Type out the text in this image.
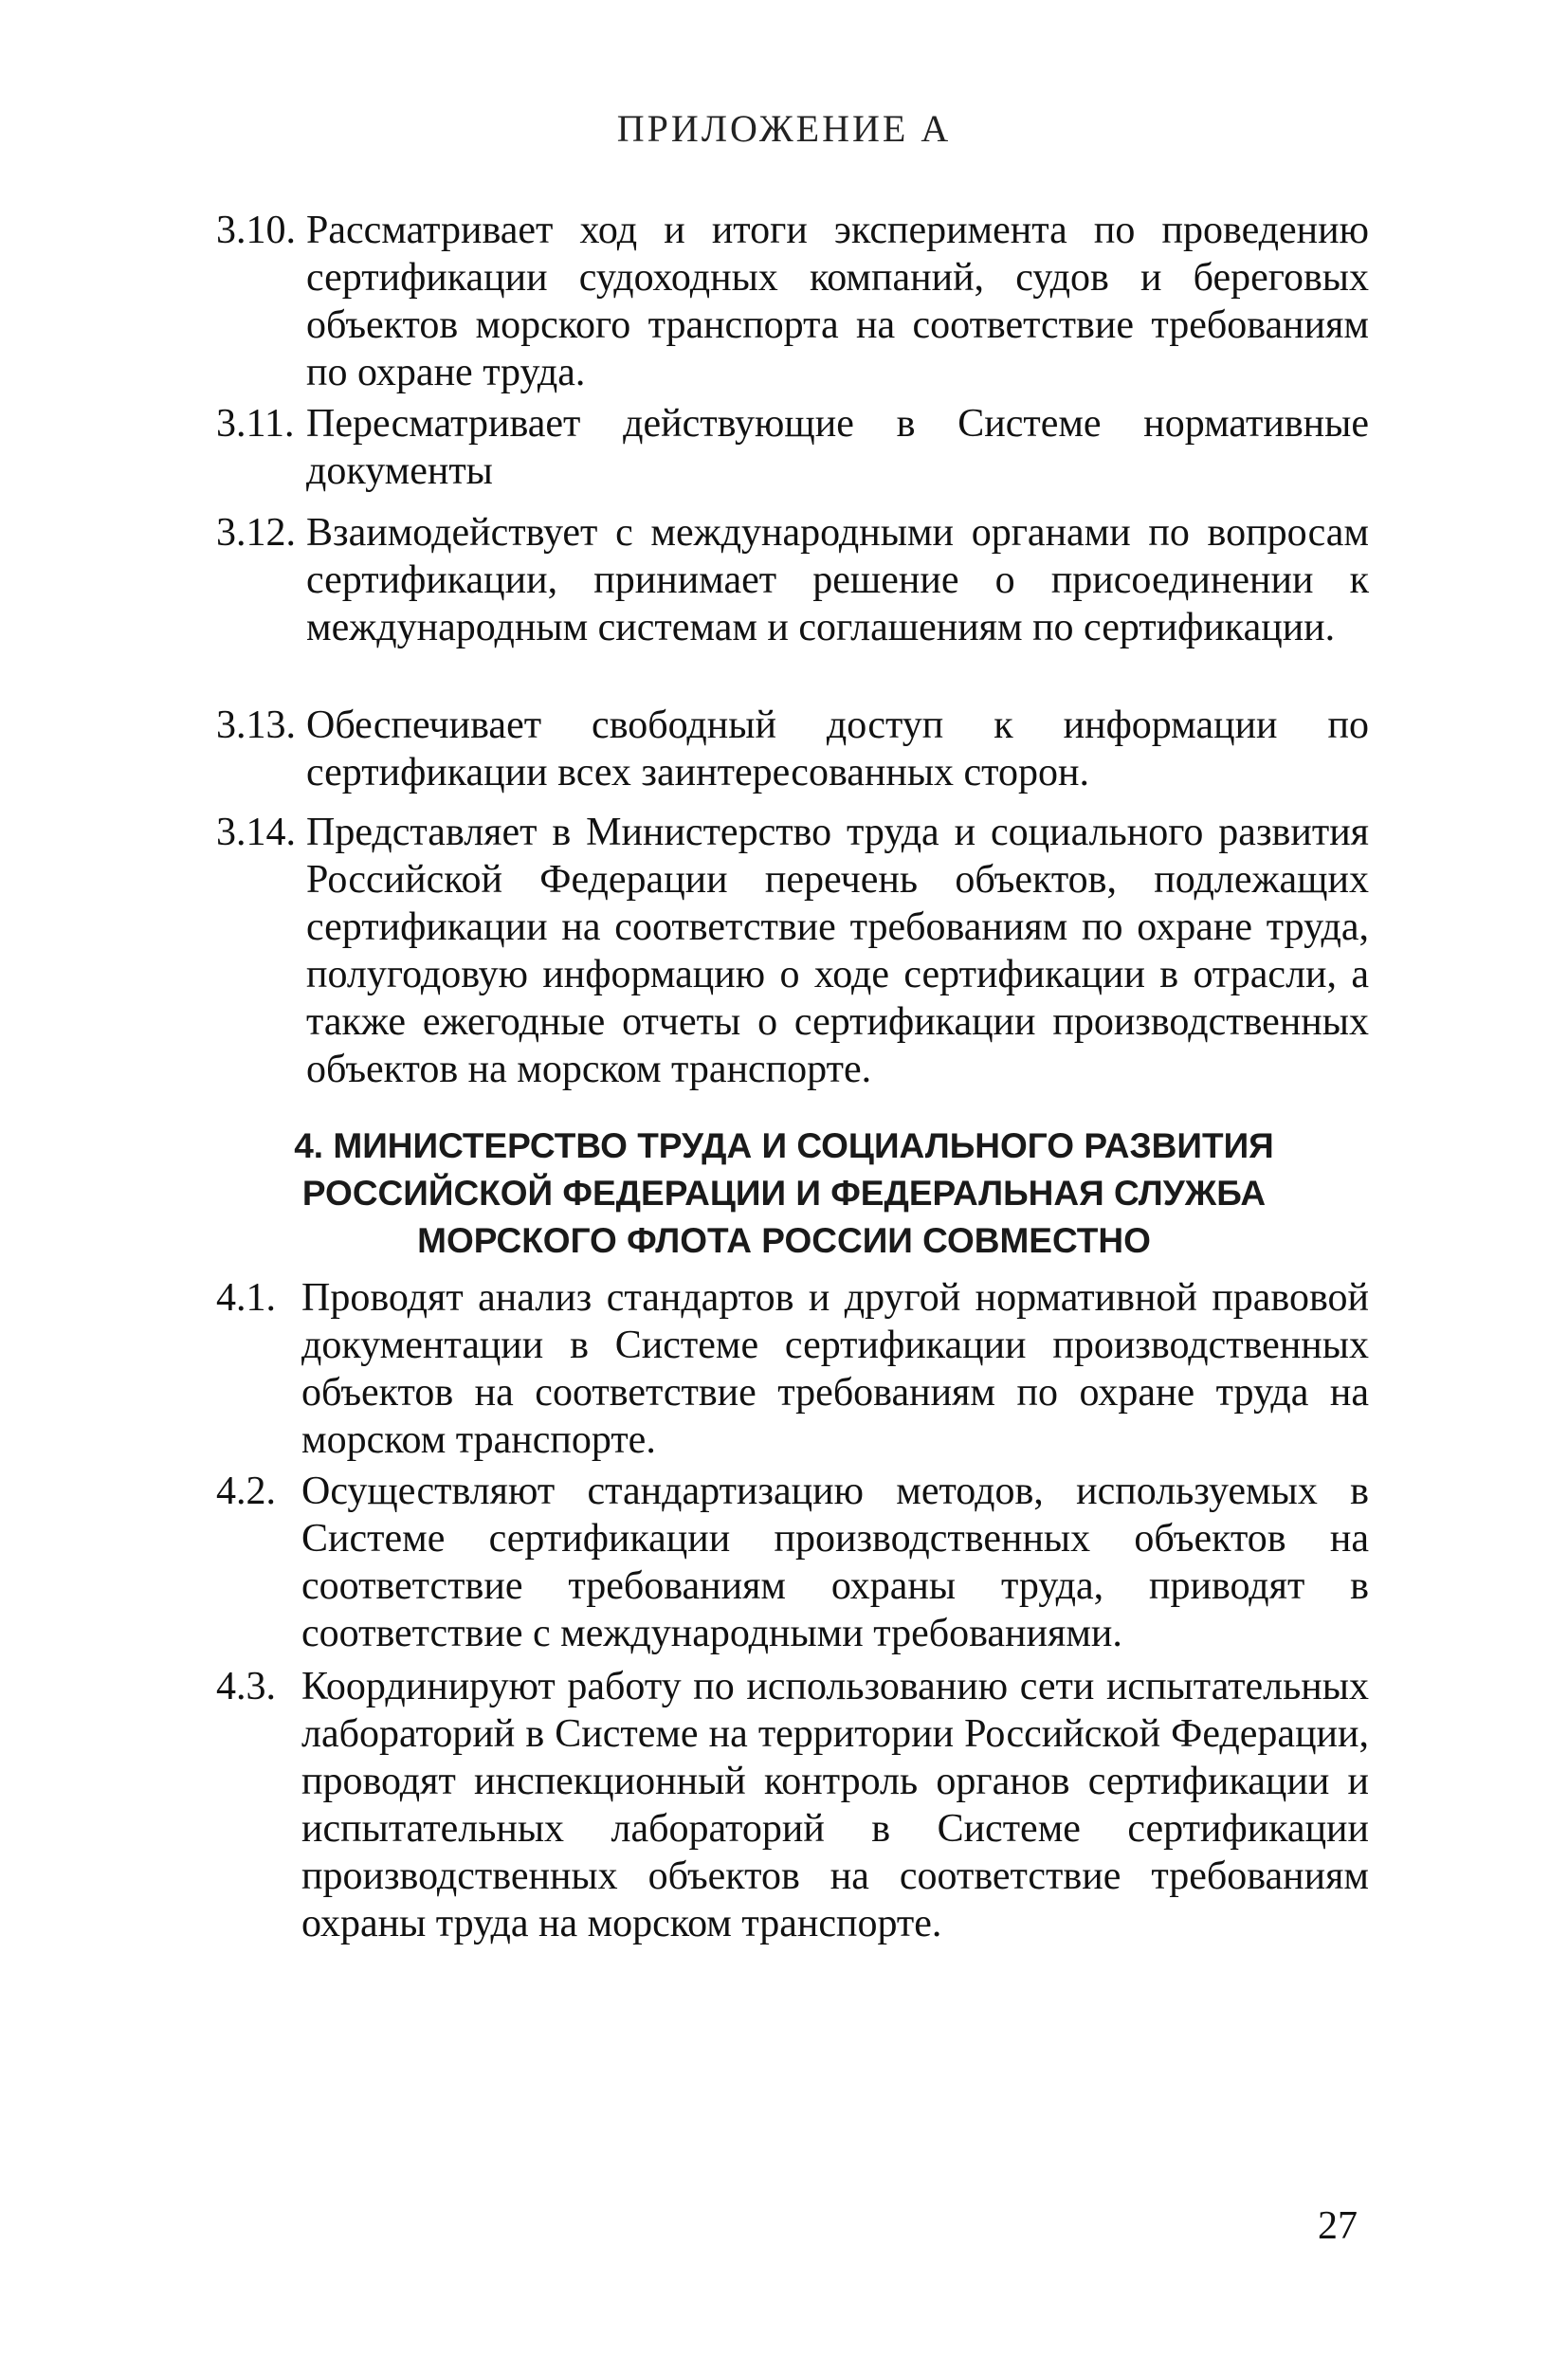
ПРИЛОЖЕНИЕ А
3.10. Рассматривает ход и итоги эксперимента по проведению сертификации судоходных компаний, судов и береговых объектов морского транспорта на соответствие требованиям по охране труда.
3.11. Пересматривает действующие в Системе нормативные документы
3.12. Взаимодействует с международными органами по вопросам сертификации, принимает решение о присоединении к международным системам и соглашениям по сертификации.
3.13. Обеспечивает свободный доступ к информации по сертификации всех заинтересованных сторон.
3.14. Представляет в Министерство труда и социального развития Российской Федерации перечень объектов, подлежащих сертификации на соответствие требованиям по охране труда, полугодовую информацию о ходе сертификации в отрасли, а также ежегодные отчеты о сертификации производственных объектов на морском транспорте.
4. МИНИСТЕРСТВО ТРУДА И СОЦИАЛЬНОГО РАЗВИТИЯ
РОССИЙСКОЙ ФЕДЕРАЦИИ И ФЕДЕРАЛЬНАЯ СЛУЖБА
МОРСКОГО ФЛОТА РОССИИ СОВМЕСТНО
4.1. Проводят анализ стандартов и другой нормативной правовой документации в Системе сертификации производственных объектов на соответствие требованиям по охране труда на морском транспорте.
4.2. Осуществляют стандартизацию методов, используемых в Системе сертификации производственных объектов на соответствие требованиям охраны труда, приводят в соответствие с международными требованиями.
4.3. Координируют работу по использованию сети испытательных лабораторий в Системе на территории Российской Федерации, проводят инспекционный контроль органов сертификации и испытательных лабораторий в Системе сертификации производственных объектов на соответствие требованиям охраны труда на морском транспорте.
27
